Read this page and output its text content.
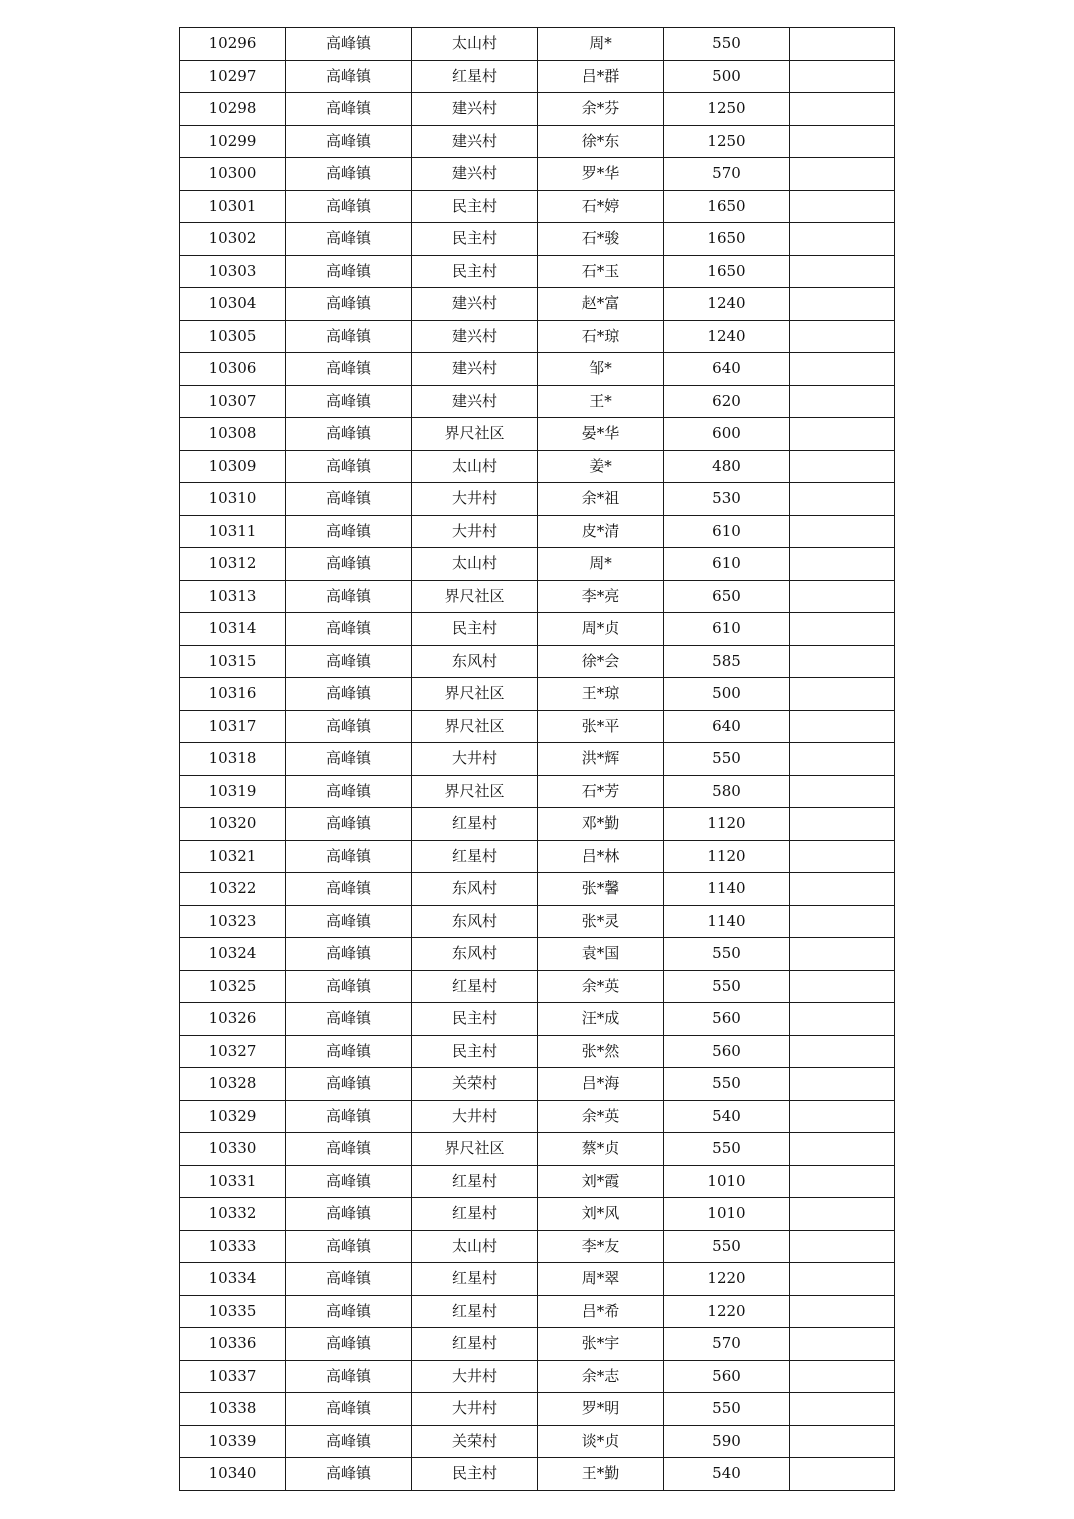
10296	高峰镇	太山村	周*	550	
10297	高峰镇	红星村	吕*群	500	
10298	高峰镇	建兴村	余*芬	1250	
10299	高峰镇	建兴村	徐*东	1250	
10300	高峰镇	建兴村	罗*华	570	
10301	高峰镇	民主村	石*婷	1650	
10302	高峰镇	民主村	石*骏	1650	
10303	高峰镇	民主村	石*玉	1650	
10304	高峰镇	建兴村	赵*富	1240	
10305	高峰镇	建兴村	石*琼	1240	
10306	高峰镇	建兴村	邹*	640	
10307	高峰镇	建兴村	王*	620	
10308	高峰镇	界尺社区	晏*华	600	
10309	高峰镇	太山村	姜*	480	
10310	高峰镇	大井村	余*祖	530	
10311	高峰镇	大井村	皮*清	610	
10312	高峰镇	太山村	周*	610	
10313	高峰镇	界尺社区	李*亮	650	
10314	高峰镇	民主村	周*贞	610	
10315	高峰镇	东风村	徐*会	585	
10316	高峰镇	界尺社区	王*琼	500	
10317	高峰镇	界尺社区	张*平	640	
10318	高峰镇	大井村	洪*辉	550	
10319	高峰镇	界尺社区	石*芳	580	
10320	高峰镇	红星村	邓*勤	1120	
10321	高峰镇	红星村	吕*林	1120	
10322	高峰镇	东风村	张*馨	1140	
10323	高峰镇	东风村	张*灵	1140	
10324	高峰镇	东风村	袁*国	550	
10325	高峰镇	红星村	余*英	550	
10326	高峰镇	民主村	汪*成	560	
10327	高峰镇	民主村	张*然	560	
10328	高峰镇	关荣村	吕*海	550	
10329	高峰镇	大井村	余*英	540	
10330	高峰镇	界尺社区	蔡*贞	550	
10331	高峰镇	红星村	刘*霞	1010	
10332	高峰镇	红星村	刘*风	1010	
10333	高峰镇	太山村	李*友	550	
10334	高峰镇	红星村	周*翠	1220	
10335	高峰镇	红星村	吕*希	1220	
10336	高峰镇	红星村	张*宇	570	
10337	高峰镇	大井村	余*志	560	
10338	高峰镇	大井村	罗*明	550	
10339	高峰镇	关荣村	谈*贞	590	
10340	高峰镇	民主村	王*勤	540	
